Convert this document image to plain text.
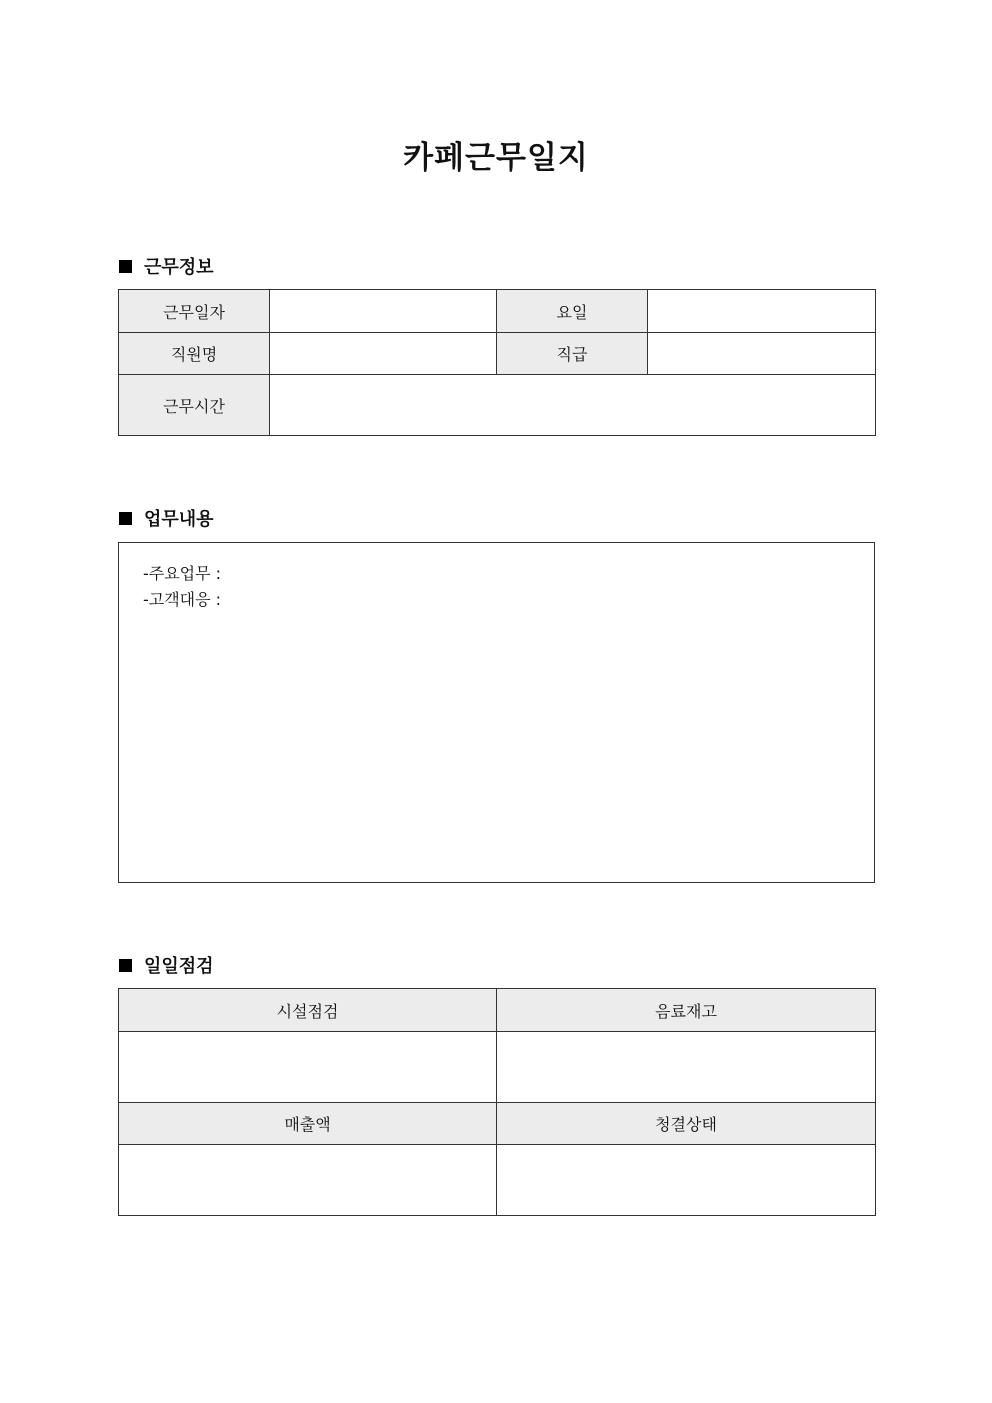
카페근무일지
근무정보
근무일자		요일	
직원명		직급	
근무시간			
업무내용
-주요업무 :
-고객대응 :
일일점검
시설점검	음료재고

매출액	청결상태
